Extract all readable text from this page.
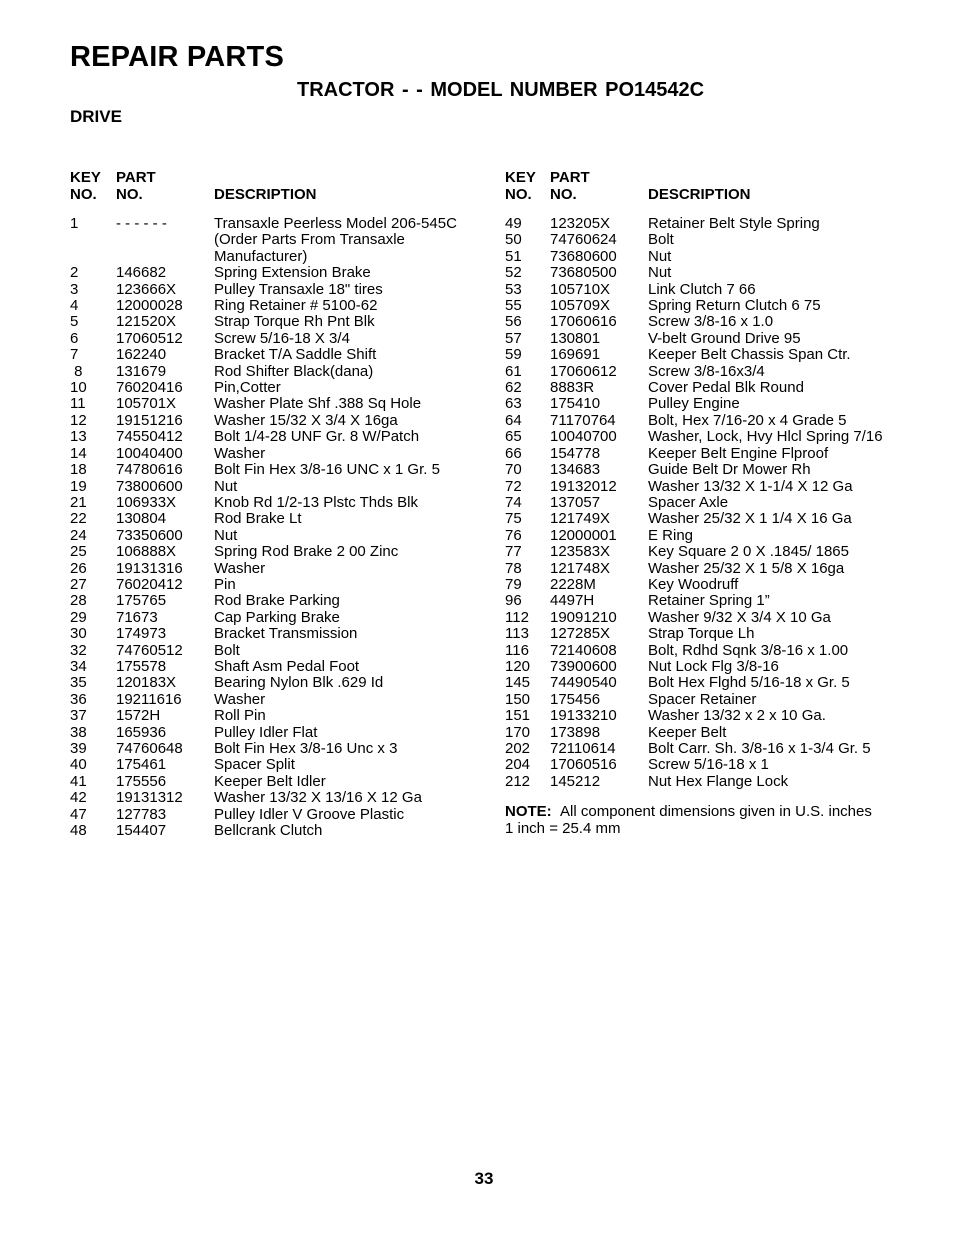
REPAIR PARTS
TRACTOR - - MODEL NUMBER PO14542C
DRIVE
KEY
NO.
PART
NO.	DESCRIPTION
1	- - - - - -	Transaxle Peerless Model 206-545C
(Order Parts From Transaxle
Manufacturer)
2	146682	Spring Extension Brake
3	123666X	Pulley Transaxle 18" tires
4	12000028	Ring Retainer # 5100-62
5	121520X	Strap Torque Rh Pnt Blk
6	17060512	Screw 5/16-18 X 3/4
7	162240	Bracket T/A Saddle Shift
8	131679	Rod Shifter Black(dana)
10	76020416	Pin,Cotter
11	105701X	Washer Plate Shf .388 Sq Hole
12	19151216	Washer 15/32 X 3/4 X 16ga
13	74550412	Bolt 1/4-28 UNF Gr. 8 W/Patch
14	10040400	Washer
18	74780616	Bolt Fin Hex 3/8-16 UNC x 1 Gr. 5
19	73800600	Nut
21	106933X	Knob Rd 1/2-13 Plstc Thds Blk
22	130804	Rod Brake Lt
24	73350600	Nut
25	106888X	Spring Rod Brake 2 00 Zinc
26	19131316	Washer
27	76020412	Pin
28	175765	Rod Brake Parking
29	71673	Cap Parking Brake
30	174973	Bracket Transmission
32	74760512	Bolt
34	175578	Shaft Asm Pedal Foot
35	120183X	Bearing Nylon Blk .629 Id
36	19211616	Washer
37	1572H	Roll Pin
38	165936	Pulley Idler Flat
39	74760648	Bolt Fin Hex 3/8-16 Unc x 3
40	175461	Spacer Split
41	175556	Keeper Belt Idler
42	19131312	Washer 13/32 X 13/16 X 12 Ga
47	127783	Pulley Idler V Groove Plastic
48	154407	Bellcrank Clutch
KEY
NO.
PART
NO.	DESCRIPTION
49	123205X	Retainer Belt Style Spring
50	74760624	Bolt
51	73680600	Nut
52	73680500	Nut
53	105710X	Link Clutch 7 66
55	105709X	Spring Return Clutch 6 75
56	17060616	Screw 3/8-16 x 1.0
57	130801	V-belt Ground Drive 95
59	169691	Keeper Belt Chassis Span Ctr.
61	17060612	Screw 3/8-16x3/4
62	8883R	Cover Pedal Blk Round
63	175410	Pulley Engine
64	71170764	Bolt, Hex 7/16-20 x 4 Grade 5
65	10040700	Washer, Lock, Hvy Hlcl Spring 7/16
66	154778	Keeper Belt Engine Flproof
70	134683	Guide Belt Dr Mower Rh
72	19132012	Washer 13/32 X 1-1/4 X 12 Ga
74	137057	Spacer Axle
75	121749X	Washer 25/32 X 1 1/4 X 16 Ga
76	12000001	E Ring
77	123583X	Key Square 2 0 X .1845/ 1865
78	121748X	Washer 25/32 X 1 5/8 X 16ga
79	2228M	Key Woodruff
96	4497H	Retainer Spring 1”
112	19091210	Washer 9/32 X 3/4 X 10 Ga
113	127285X	Strap Torque Lh
116	72140608	Bolt, Rdhd Sqnk 3/8-16 x 1.00
120	73900600	Nut Lock Flg 3/8-16
145	74490540	Bolt Hex Flghd 5/16-18 x Gr. 5
150	175456	Spacer Retainer
151	19133210	Washer 13/32 x 2 x 10 Ga.
170	173898	Keeper Belt
202	72110614	Bolt Carr. Sh. 3/8-16 x 1-3/4 Gr. 5
204	17060516	Screw 5/16-18 x 1
212	145212	Nut Hex Flange Lock
NOTE: All component dimensions given in U.S. inches
1 inch = 25.4 mm
33
